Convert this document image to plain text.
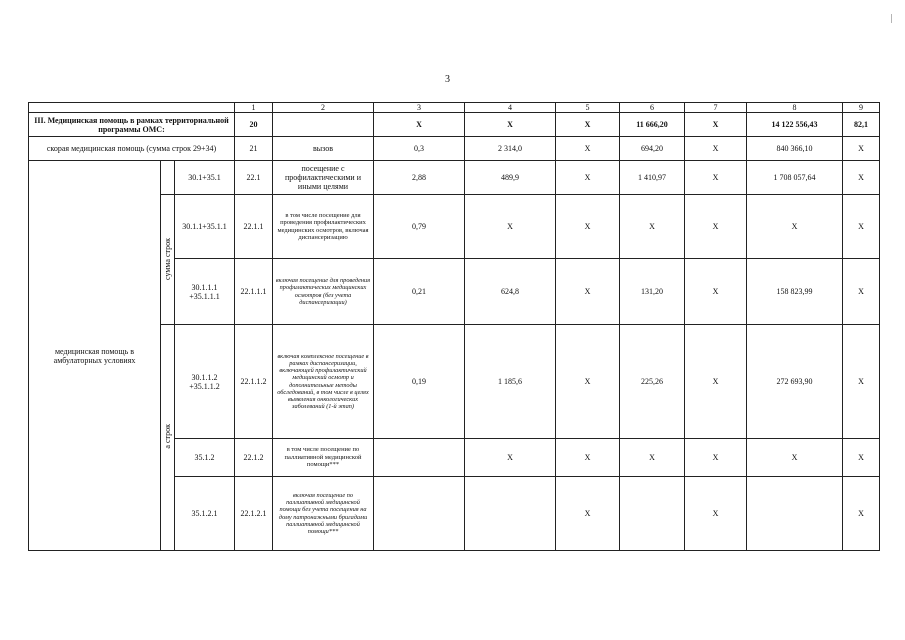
3
			1	2	3	4	5	6	7	8	9
III. Медицинская помощь в рамках территориальной программы ОМС:			20		X	X	X	11 666,20	X	14 122 556,43	82,1
скорая медицинская помощь (сумма строк 29+34)			21	вызов	0,3	2 314,0	X	694,20	X	840 366,10	X
медицинская помощь в амбулаторных условиях		30.1+35.1	22.1	посещение с профилактическими и иными целями	2,88	489,9	X	1 410,97	X	1 708 057,64	X
	сумма строк	30.1.1+35.1.1	22.1.1	в том числе посещение для проведения профилактических медицинских осмотров, включая диспансеризацию	0,79	X	X	X	X	X	X
		30.1.1.1 +35.1.1.1	22.1.1.1	включая посещение для проведения профилактических медицинских осмотров (без учета диспансеризации)	0,21	624,8	X	131,20	X	158 823,99	X
	а строк	30.1.1.2 +35.1.1.2	22.1.1.2	включая комплексное посещение в рамках диспансеризации, включающей профилактический медицинский осмотр и дополнительные методы обследований, в том числе в целях выявления онкологических заболеваний (1-й этап)	0,19	1 185,6	X	225,26	X	272 693,90	X
		35.1.2	22.1.2	в том числе посещение по паллиативной медицинской помощи***		X	X	X	X	X	X
		35.1.2.1	22.1.2.1	включая посещение по паллиативной медицинской помощи без учета посещения на дому патронажными бригадами паллиативной медицинской помощи***			X		X		X
